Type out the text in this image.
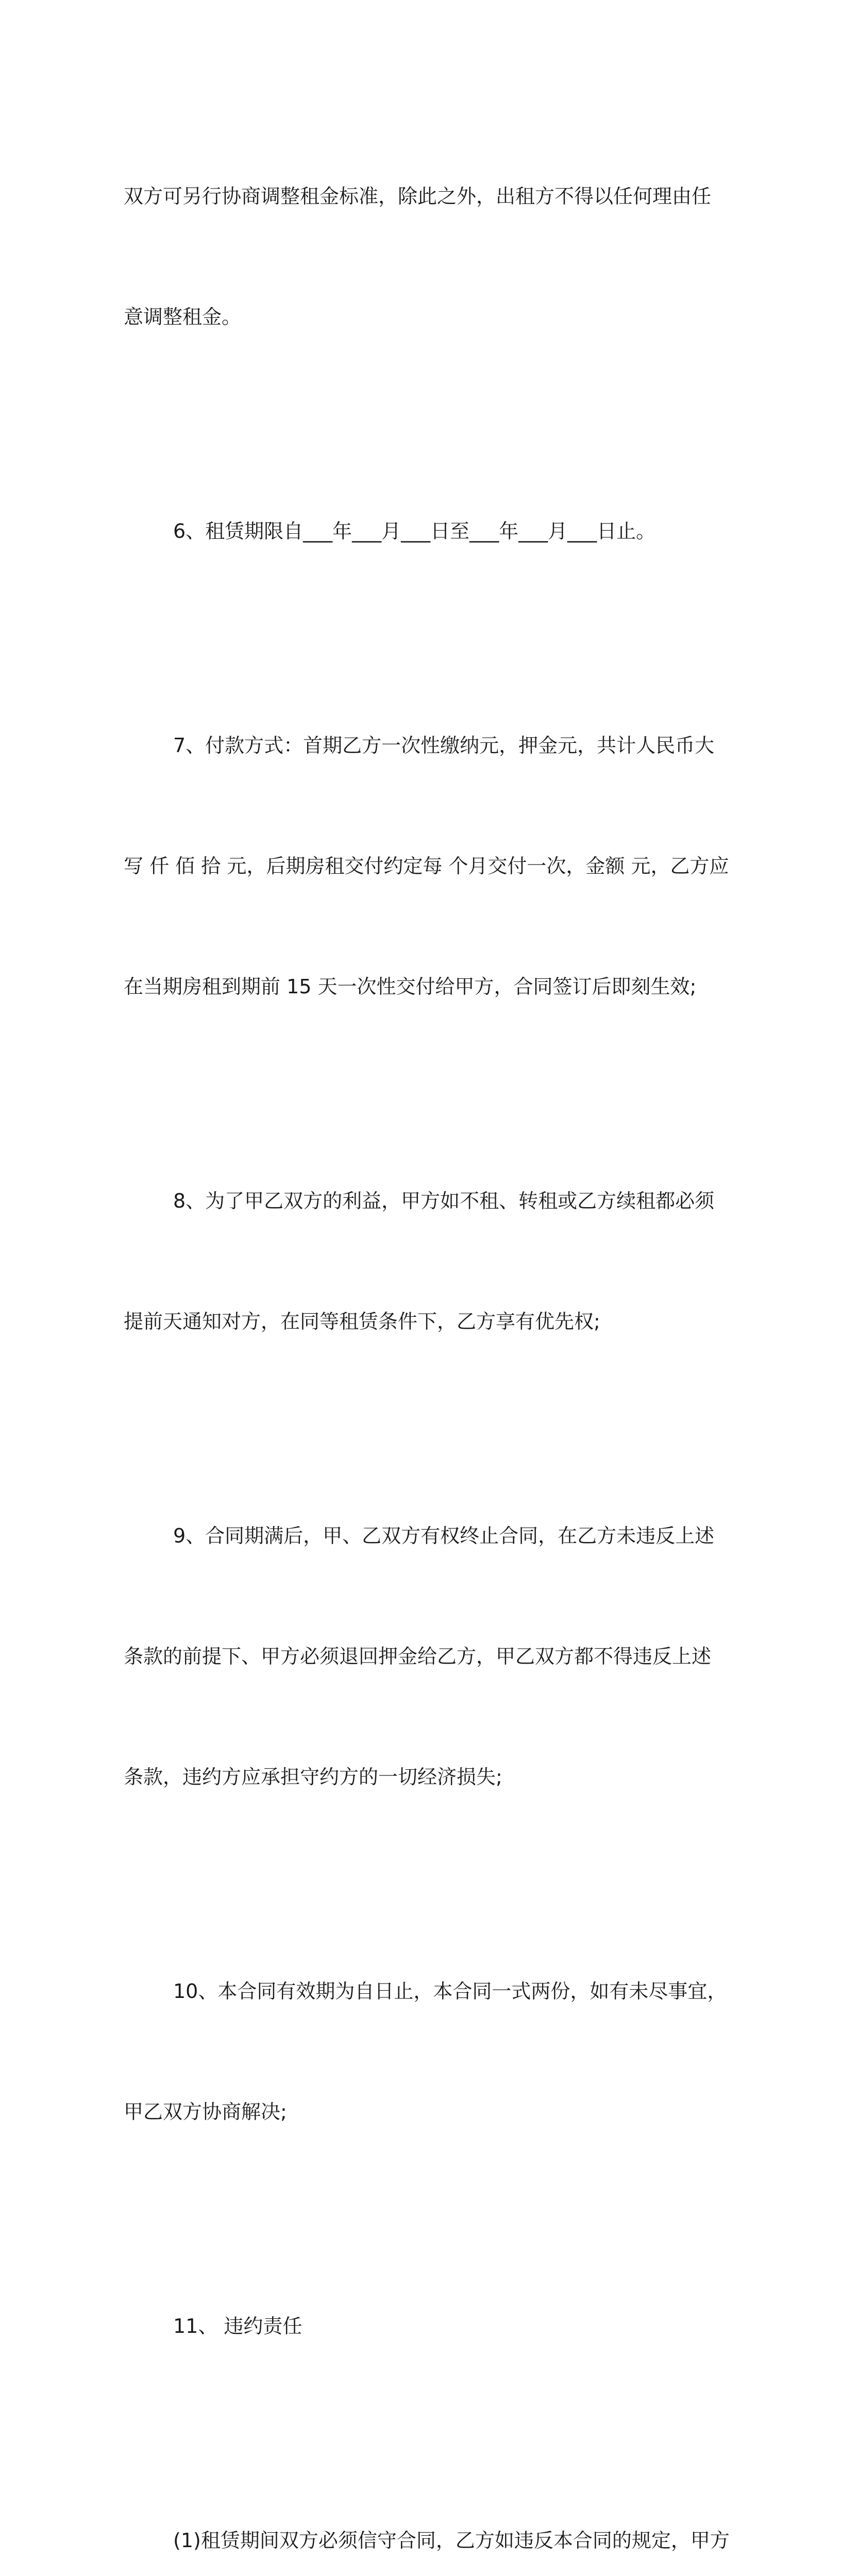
双方可另行协商调整租金标准，除此之外，出租方不得以任何理由任

意调整租金。

6、租赁期限自___年___月___日至___年___月___日止。

7、付款方式：首期乙方一次性缴纳元，押金元，共计人民币大

写 仟 佰 拾 元，后期房租交付约定每 个月交付一次，金额 元，乙方应

在当期房租到期前 15 天一次性交付给甲方，合同签订后即刻生效;

8、为了甲乙双方的利益，甲方如不租、转租或乙方续租都必须

提前天通知对方，在同等租赁条件下，乙方享有优先权;

9、合同期满后，甲、乙双方有权终止合同，在乙方未违反上述

条款的前提下、甲方必须退回押金给乙方，甲乙双方都不得违反上述

条款，违约方应承担守约方的一切经济损失;

10、本合同有效期为自日止，本合同一式两份，如有未尽事宜，

甲乙双方协商解决;

11、 违约责任

(1)租赁期间双方必须信守合同，乙方如违反本合同的规定，甲方
